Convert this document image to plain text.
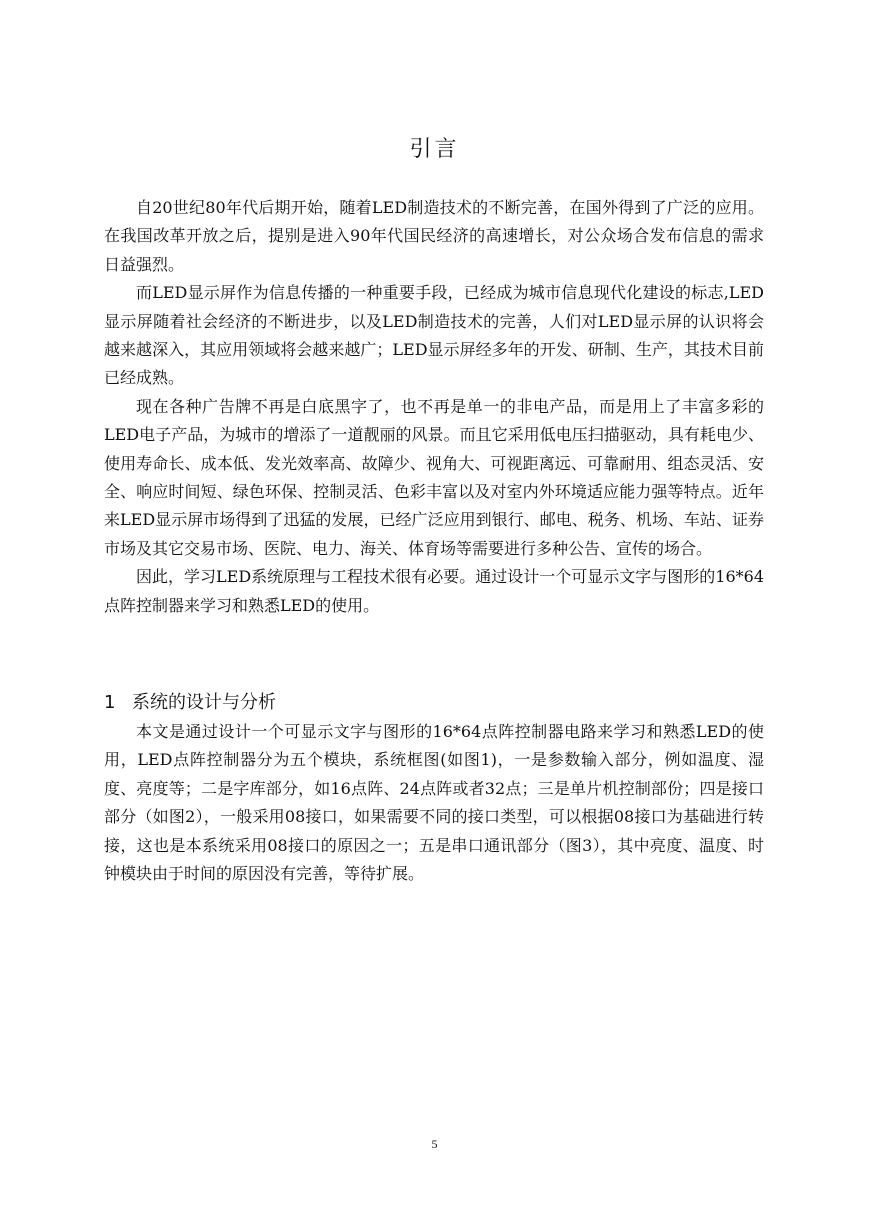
引言

自20世纪80年代后期开始，随着LED制造技术的不断完善，在国外得到了广泛的应用。在我国改革开放之后，提别是进入90年代国民经济的高速增长，对公众场合发布信息的需求日益强烈。

而LED显示屏作为信息传播的一种重要手段，已经成为城市信息现代化建设的标志,LED显示屏随着社会经济的不断进步，以及LED制造技术的完善，人们对LED显示屏的认识将会越来越深入，其应用领域将会越来越广；LED显示屏经多年的开发、研制、生产，其技术目前已经成熟。

现在各种广告牌不再是白底黑字了，也不再是单一的非电产品，而是用上了丰富多彩的LED电子产品，为城市的增添了一道靓丽的风景。而且它采用低电压扫描驱动，具有耗电少、使用寿命长、成本低、发光效率高、故障少、视角大、可视距离远、可靠耐用、组态灵活、安全、响应时间短、绿色环保、控制灵活、色彩丰富以及对室内外环境适应能力强等特点。近年来LED显示屏市场得到了迅猛的发展，已经广泛应用到银行、邮电、税务、机场、车站、证券市场及其它交易市场、医院、电力、海关、体育场等需要进行多种公告、宣传的场合。

因此，学习LED系统原理与工程技术很有必要。通过设计一个可显示文字与图形的16*64点阵控制器来学习和熟悉LED的使用。

1 系统的设计与分析

本文是通过设计一个可显示文字与图形的16*64点阵控制器电路来学习和熟悉LED的使用，LED点阵控制器分为五个模块，系统框图(如图1)，一是参数输入部分，例如温度、湿度、亮度等；二是字库部分，如16点阵、24点阵或者32点；三是单片机控制部份；四是接口部分（如图2），一般采用08接口，如果需要不同的接口类型，可以根据08接口为基础进行转接，这也是本系统采用08接口的原因之一；五是串口通讯部分（图3），其中亮度、温度、时钟模块由于时间的原因没有完善，等待扩展。

5
